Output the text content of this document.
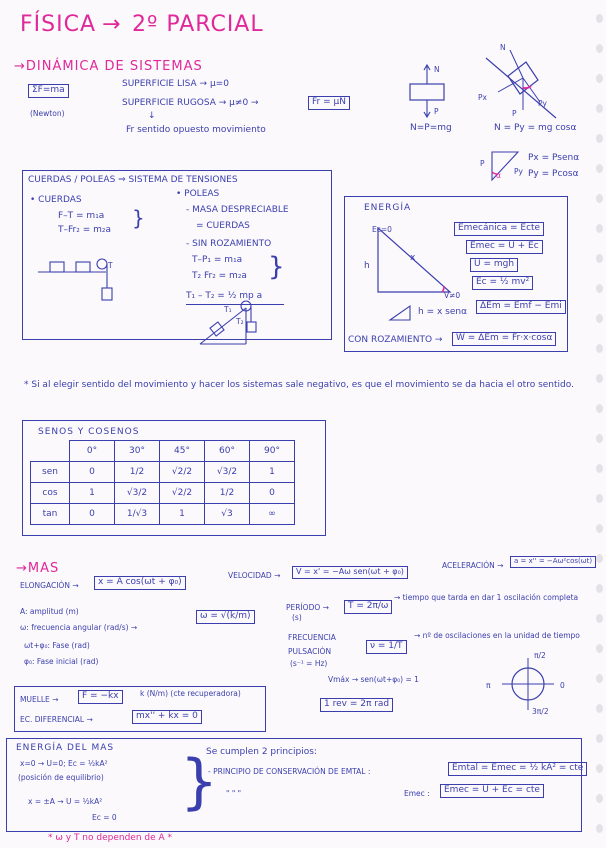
FÍSICA → 2º PARCIAL
→DINÁMICA DE SISTEMAS
ΣF=ma
(Newton)
SUPERFICIE LISA → μ=0
SUPERFICIE RUGOSA → μ≠0 →	Fr = μN
↓
Fr sentido opuesto movimiento
N
P
N=P=mg
N
P
Px
Py
N = Py = mg cosα
P
Py
α
Px = Psenα
Py = Pcosα
CUERDAS / POLEAS ⇒ SISTEMA DE TENSIONES
• CUERDAS
F–T = m₁a
T–Fr₂ = m₂a }
T
• POLEAS
- MASA DESPRECIABLE
= CUERDAS
- SIN ROZAMIENTO
T–P₁ = m₁a
T₂ Fr₂ = m₂a }
T₁ – T₂ = ½ mp a
T₁
T₂
ENERGÍA
Ec=0
h
x
V≠0
Emecánica = Ecte
Emec = U + Ec
U = mgh
Ec = ½ mv²
ΔEm = Emf − Emi
h = x senα
CON ROZAMIENTO →	W = ΔEm = Fr·x·cosα
* Si al elegir sentido del movimiento y hacer los sistemas sale negativo, es que el movimiento se da hacia el otro sentido.
SENOS Y COSENOS
	0°	30°	45°	60°	90°
sen	0	1/2	√2/2	√3/2	1
cos	1	√3/2	√2/2	1/2	0
tan	0	1/√3	1	√3	∞
→MAS
ELONGACIÓN →	x = A cos(ωt + φ₀)
VELOCIDAD →	V = x' = −Aω sen(ωt + φ₀)
ACELERACIÓN →	a = x'' = −Aω²cos(ωt)
A: amplitud (m)
ω: frecuencia angular (rad/s) →
ω = √(k/m)
ωt+φ₀: Fase (rad)
φ₀: Fase inicial (rad)
PERÍODO →
(s)
T = 2π/ω
→ tiempo que tarda en dar 1 oscilación completa
FRECUENCIA
PULSACIÓN
(s⁻¹ = Hz)
ν = 1/T
→ nº de oscilaciones en la unidad de tiempo
Vmáx → sen(ωt+φ₀) = 1
1 rev = 2π rad
π/2
π	0
3π/2
MUELLE →	F = −kx	k (N/m) (cte recuperadora)
EC. DIFERENCIAL →	mx'' + kx = 0
ENERGÍA DEL MAS
x=0 → U=0; Ec = ½kA²
(posición de equilibrio)
x = ±A → U = ½kA²
Ec = 0
}
Se cumplen 2 principios:
- PRINCIPIO DE CONSERVACIÓN DE EMTAL :	Emtal = Emec = ½ kA² = cte
" " "	Emec :	Emec = U + Ec = cte
* ω y T no dependen de A *
